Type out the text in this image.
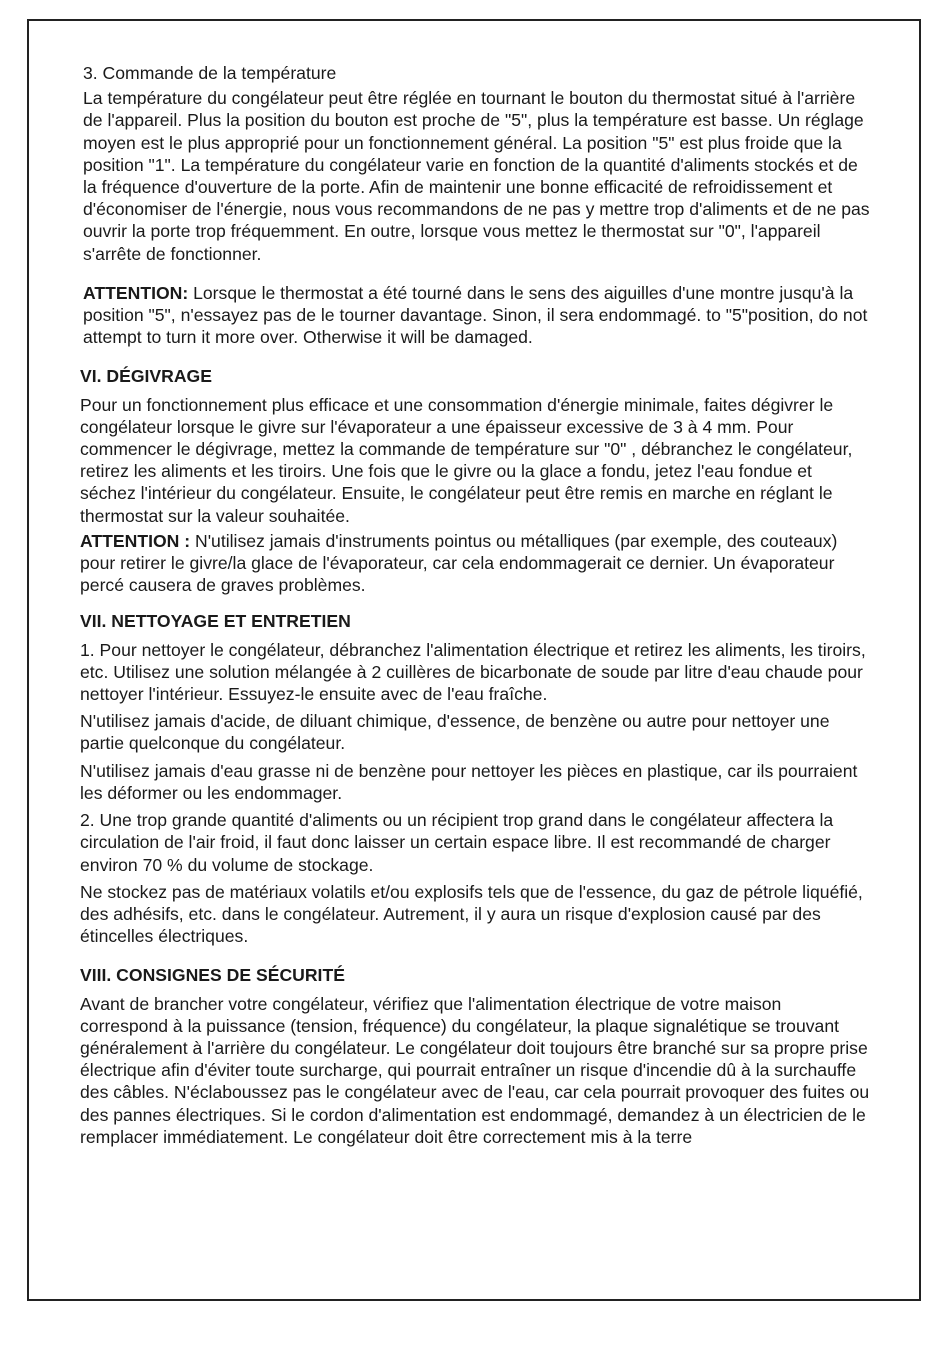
3. Commande de la température

La température du congélateur peut être réglée en tournant le bouton du thermostat situé à l'arrière de l'appareil. Plus la position du bouton est proche de "5", plus la température est basse. Un réglage moyen est le plus approprié pour un fonctionnement général. La position "5" est plus froide que la position "1". La température du congélateur varie en fonction de la quantité d'aliments stockés et de la fréquence d'ouverture de la porte. Afin de maintenir une bonne efficacité de refroidissement et d'économiser de l'énergie, nous vous recommandons de ne pas y mettre trop d'aliments et de ne pas ouvrir la porte trop fréquemment. En outre, lorsque vous mettez le thermostat sur "0", l'appareil s'arrête de fonctionner.

ATTENTION: Lorsque le thermostat a été tourné dans le sens des aiguilles d'une montre jusqu'à la position "5", n'essayez pas de le tourner davantage. Sinon, il sera endommagé. to "5"position, do not attempt to turn it more over. Otherwise it will be damaged.

VI. DÉGIVRAGE

Pour un fonctionnement plus efficace et une consommation d'énergie minimale, faites dégivrer le congélateur lorsque le givre sur l'évaporateur a une épaisseur excessive de 3 à 4 mm. Pour commencer le dégivrage, mettez la commande de température sur "0" , débranchez le congélateur, retirez les aliments et les tiroirs. Une fois que le givre ou la glace a fondu, jetez l'eau fondue et séchez l'intérieur du congélateur. Ensuite, le congélateur peut être remis en marche en réglant le thermostat sur la valeur souhaitée.

ATTENTION : N'utilisez jamais d'instruments pointus ou métalliques (par exemple, des couteaux) pour retirer le givre/la glace de l'évaporateur, car cela endommagerait ce dernier. Un évaporateur percé causera de graves problèmes.

VII. NETTOYAGE ET ENTRETIEN

1. Pour nettoyer le congélateur, débranchez l'alimentation électrique et retirez les aliments, les tiroirs, etc. Utilisez une solution mélangée à 2 cuillères de bicarbonate de soude par litre d'eau chaude pour nettoyer l'intérieur. Essuyez-le ensuite avec de l'eau fraîche.

N'utilisez jamais d'acide, de diluant chimique, d'essence, de benzène ou autre pour nettoyer une partie quelconque du congélateur.

N'utilisez jamais d'eau grasse ni de benzène pour nettoyer les pièces en plastique, car ils pourraient les déformer ou les endommager.

2. Une trop grande quantité d'aliments ou un récipient trop grand dans le congélateur affectera la circulation de l'air froid, il faut donc laisser un certain espace libre. Il est recommandé de charger environ 70 % du volume de stockage.

Ne stockez pas de matériaux volatils et/ou explosifs tels que de l'essence, du gaz de pétrole liquéfié, des adhésifs, etc. dans le congélateur. Autrement, il y aura un risque d'explosion causé par des étincelles électriques.

VIII. CONSIGNES DE SÉCURITÉ

Avant de brancher votre congélateur, vérifiez que l'alimentation électrique de votre maison correspond à la puissance (tension, fréquence) du congélateur, la plaque signalétique se trouvant généralement à l'arrière du congélateur. Le congélateur doit toujours être branché sur sa propre prise électrique afin d'éviter toute surcharge, qui pourrait entraîner un risque d'incendie dû à la surchauffe des câbles. N'éclaboussez pas le congélateur avec de l'eau, car cela pourrait provoquer des fuites ou des pannes électriques. Si le cordon d'alimentation est endommagé, demandez à un électricien de le remplacer immédiatement. Le congélateur doit être correctement mis à la terre
